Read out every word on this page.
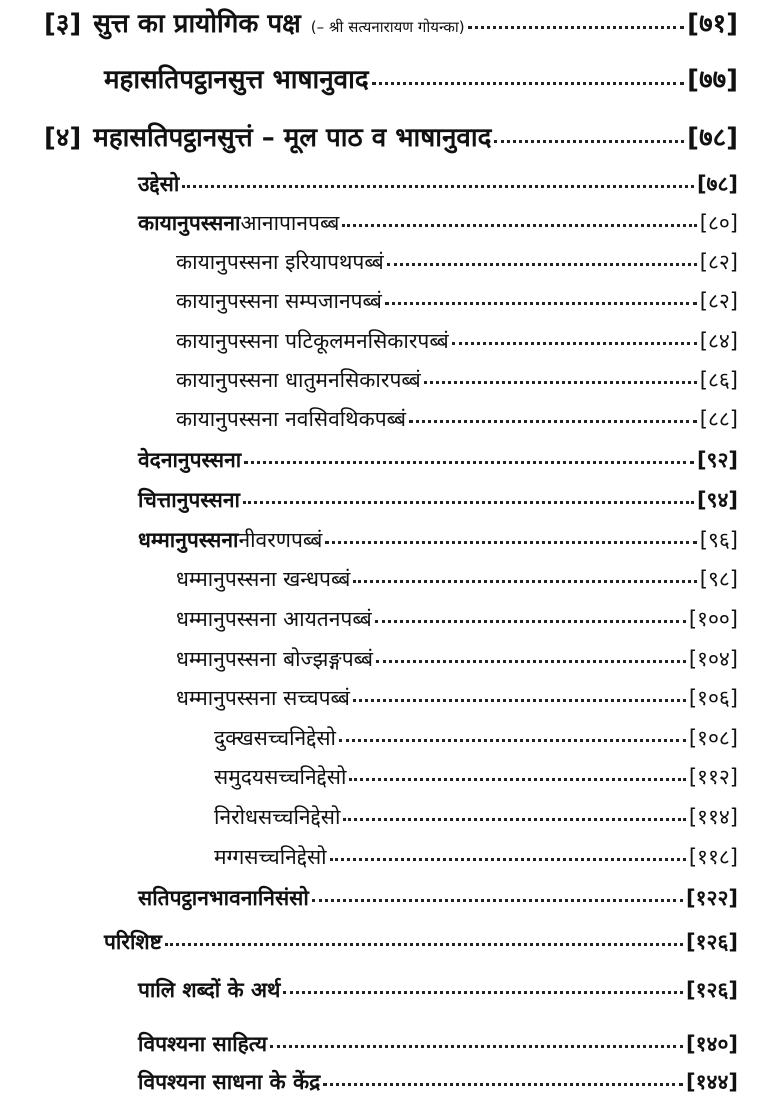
[३] सुत्त का प्रायोगिक पक्ष (– श्री सत्यनारायण गोयन्का)	[ ७१ ]
महासतिपट्ठानसुत्त भाषानुवाद	[ ७७ ]
[४] महासतिपट्ठानसुत्तं – मूल पाठ व भाषानुवाद	[ ७८ ]
उद्देसो	[ ७८ ]
कायानुपस्सना आनापानपब्ब	[ ८० ]
कायानुपस्सना इरियापथपब्बं	[ ८२ ]
कायानुपस्सना सम्पजानपब्बं	[ ८२ ]
कायानुपस्सना पटिकूलमनसिकारपब्बं	[ ८४ ]
कायानुपस्सना धातुमनसिकारपब्बं	[ ८६ ]
कायानुपस्सना नवसिवथिकपब्बं	[ ८८ ]
वेदनानुपस्सना	[ ९२ ]
चित्तानुपस्सना	[ ९४ ]
धम्मानुपस्सना नीवरणपब्बं	[ ९६ ]
धम्मानुपस्सना खन्धपब्बं	[ ९८ ]
धम्मानुपस्सना आयतनपब्बं	[ १०० ]
धम्मानुपस्सना बोज्झङ्गपब्बं	[ १०४ ]
धम्मानुपस्सना सच्चपब्बं	[ १०६ ]
दुक्खसच्चनिद्देसो	[ १०८ ]
समुदयसच्चनिद्देसो	[ ११२ ]
निरोधसच्चनिद्देसो	[ ११४ ]
मग्गसच्चनिद्देसो	[ ११८ ]
सतिपट्ठानभावनानिसंसो	[ १२२ ]
परिशिष्ट	[ १२६ ]
पालि शब्दों के अर्थ	[ १२६ ]
विपश्यना साहित्य	[ १४० ]
विपश्यना साधना के केंद्र	[ १४४ ]
